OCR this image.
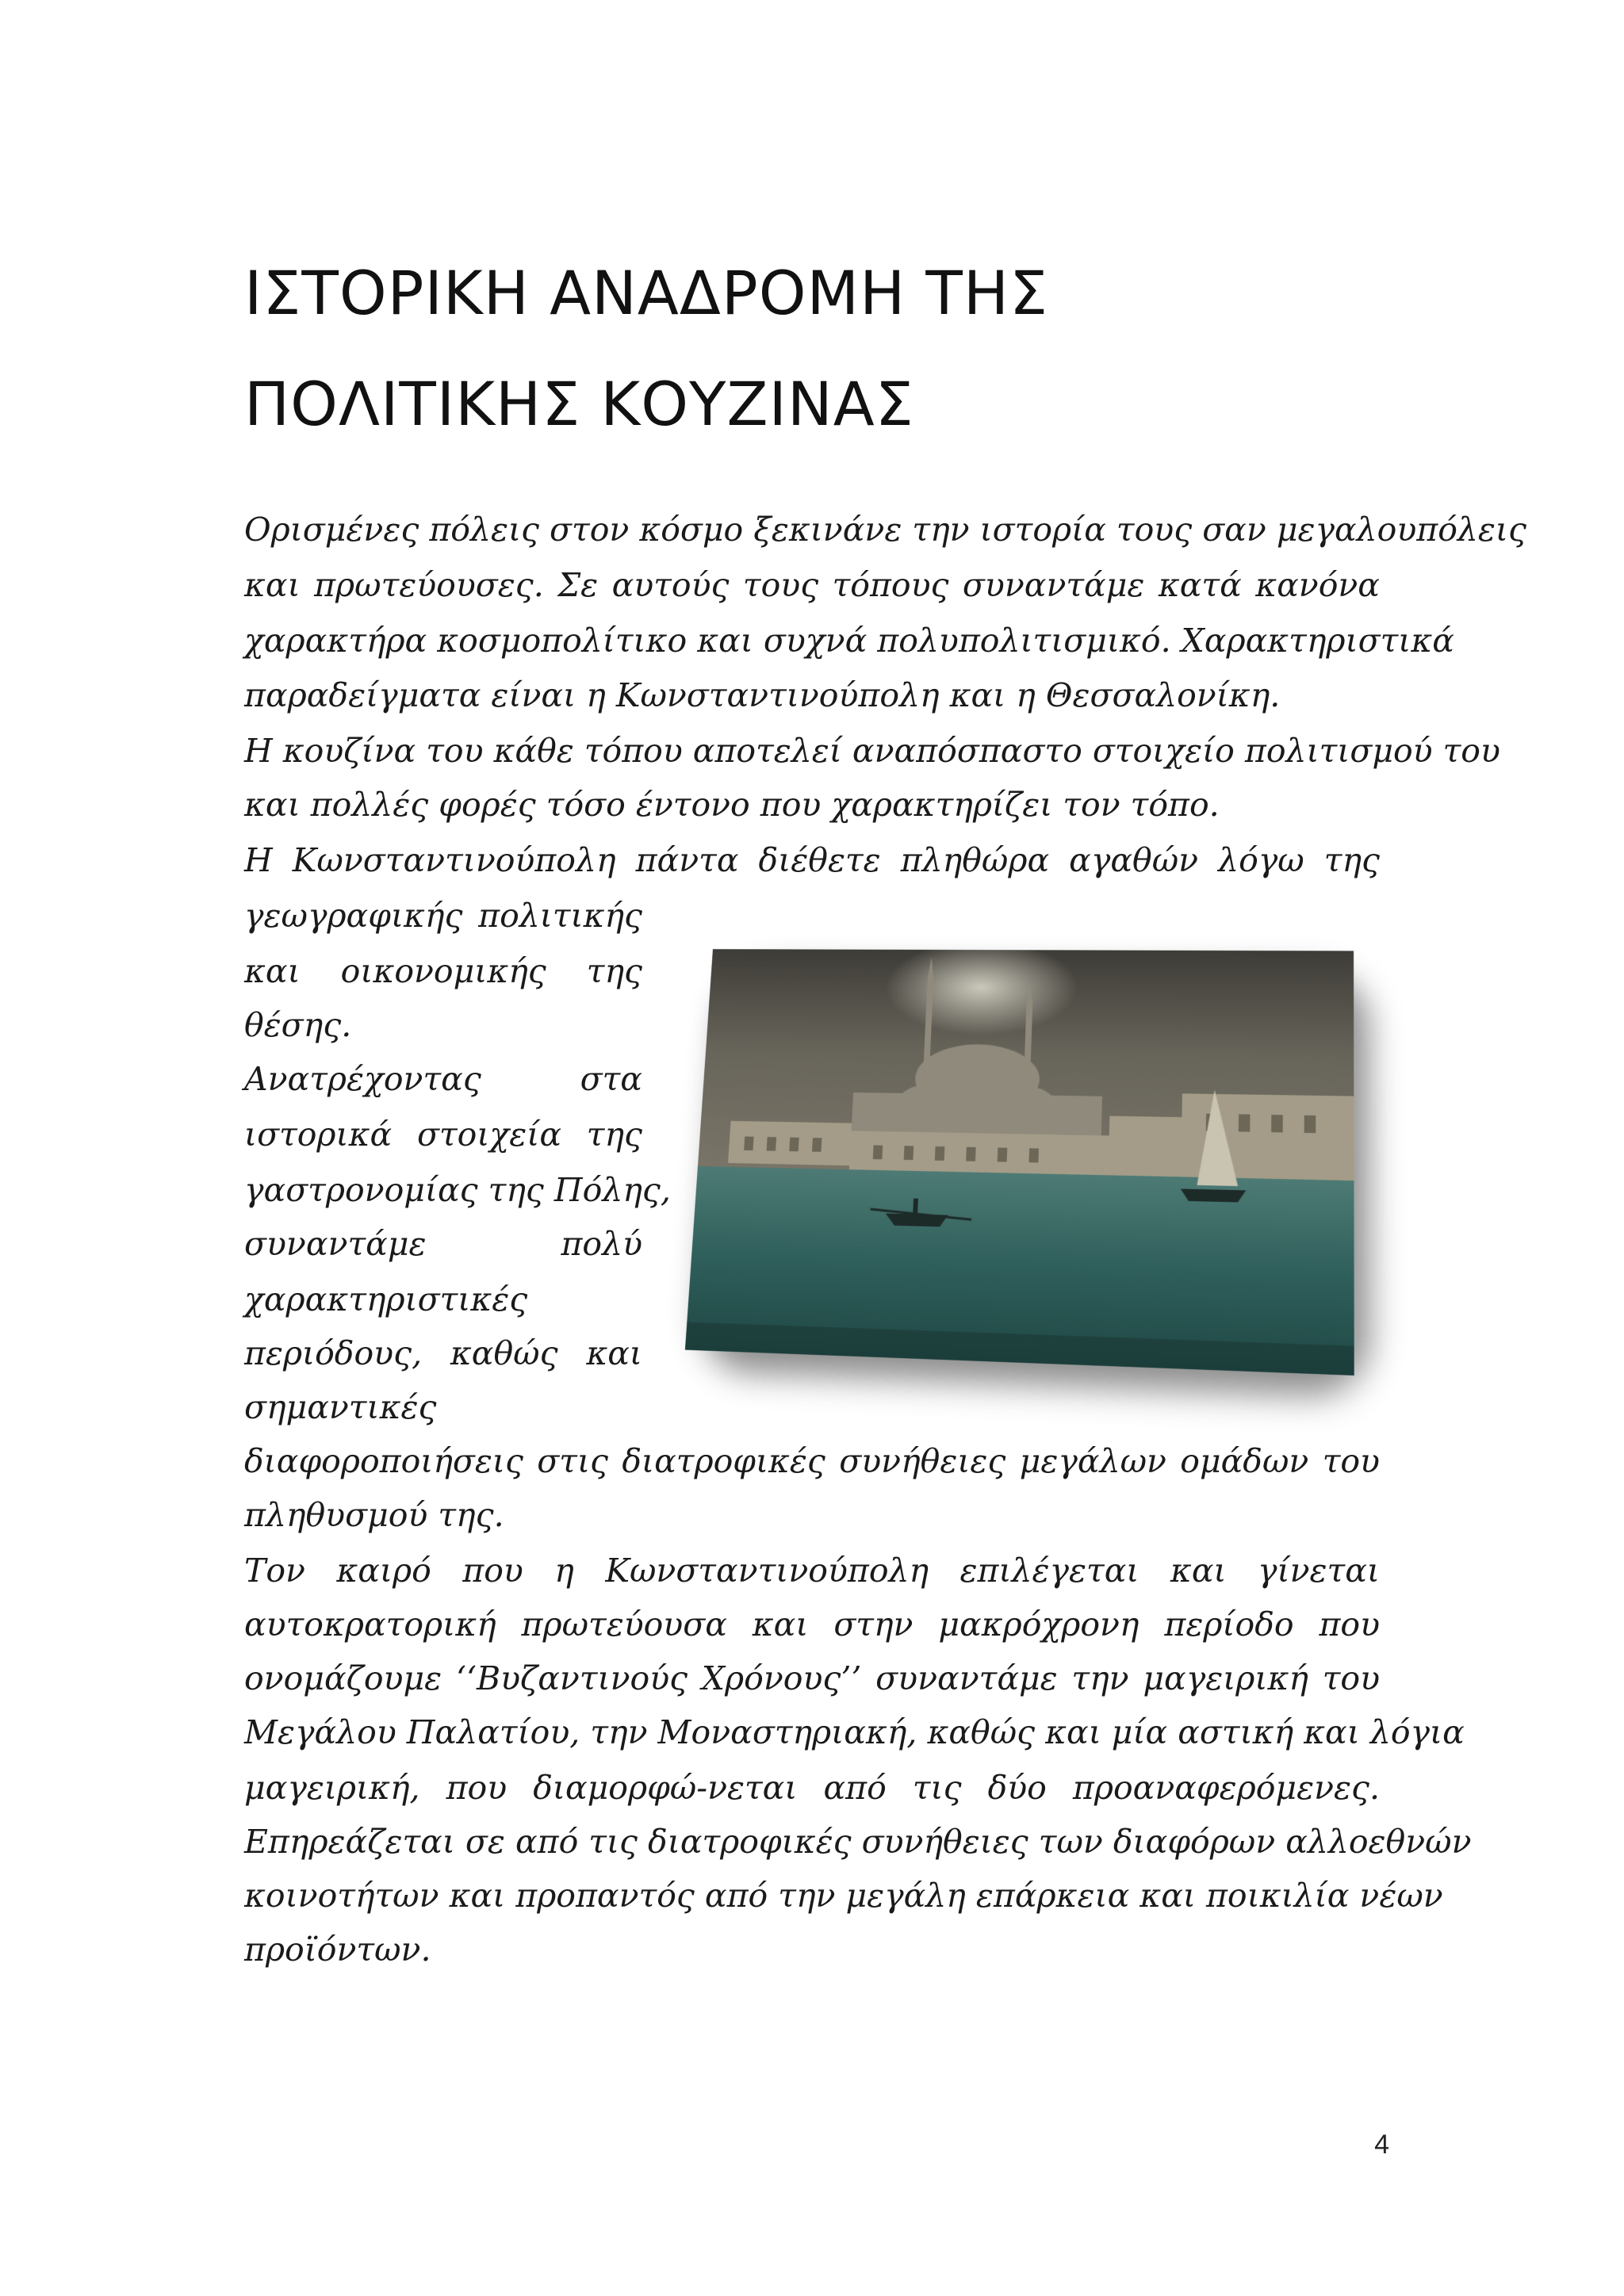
ΙΣΤΟΡΙΚΗ ΑΝΑΔΡΟΜΗ ΤΗΣ
ΠΟΛΙΤΙΚΗΣ ΚΟΥΖΙΝΑΣ
Ορισμένες πόλεις στον κόσμο ξεκινάνε την ιστορία τους σαν μεγαλουπόλεις
και πρωτεύουσες. Σε αυτούς τους τόπους συναντάμε κατά κανόνα
χαρακτήρα κοσμοπολίτικο και συχνά πολυπολιτισμικό. Χαρακτηριστικά
παραδείγματα είναι η Κωνσταντινούπολη και η Θεσσαλονίκη.
Η κουζίνα του κάθε τόπου αποτελεί αναπόσπαστο στοιχείο πολιτισμού του
και πολλές φορές τόσο έντονο που χαρακτηρίζει τον τόπο.
Η Κωνσταντινούπολη πάντα διέθετε πληθώρα αγαθών λόγω της
γεωγραφικής πολιτικής
και οικονομικής της
θέσης.
Ανατρέχοντας στα
ιστορικά στοιχεία της
γαστρονομίας της Πόλης,
συναντάμε πολύ
χαρακτηριστικές
περιόδους, καθώς και
σημαντικές
διαφοροποιήσεις στις διατροφικές συνήθειες μεγάλων ομάδων του
πληθυσμού της.
Τον καιρό που η Κωνσταντινούπολη επιλέγεται και γίνεται
αυτοκρατορική πρωτεύουσα και στην μακρόχρονη περίοδο που
ονομάζουμε ‘‘Βυζαντινούς Χρόνους’’ συναντάμε την μαγειρική του
Μεγάλου Παλατίου, την Μοναστηριακή, καθώς και μία αστική και λόγια
μαγειρική, που διαμορφώ-νεται από τις δύο προαναφερόμενες.
Επηρεάζεται σε από τις διατροφικές συνήθειες των διαφόρων αλλοεθνών
κοινοτήτων και προπαντός από την μεγάλη επάρκεια και ποικιλία νέων
προϊόντων.
4
